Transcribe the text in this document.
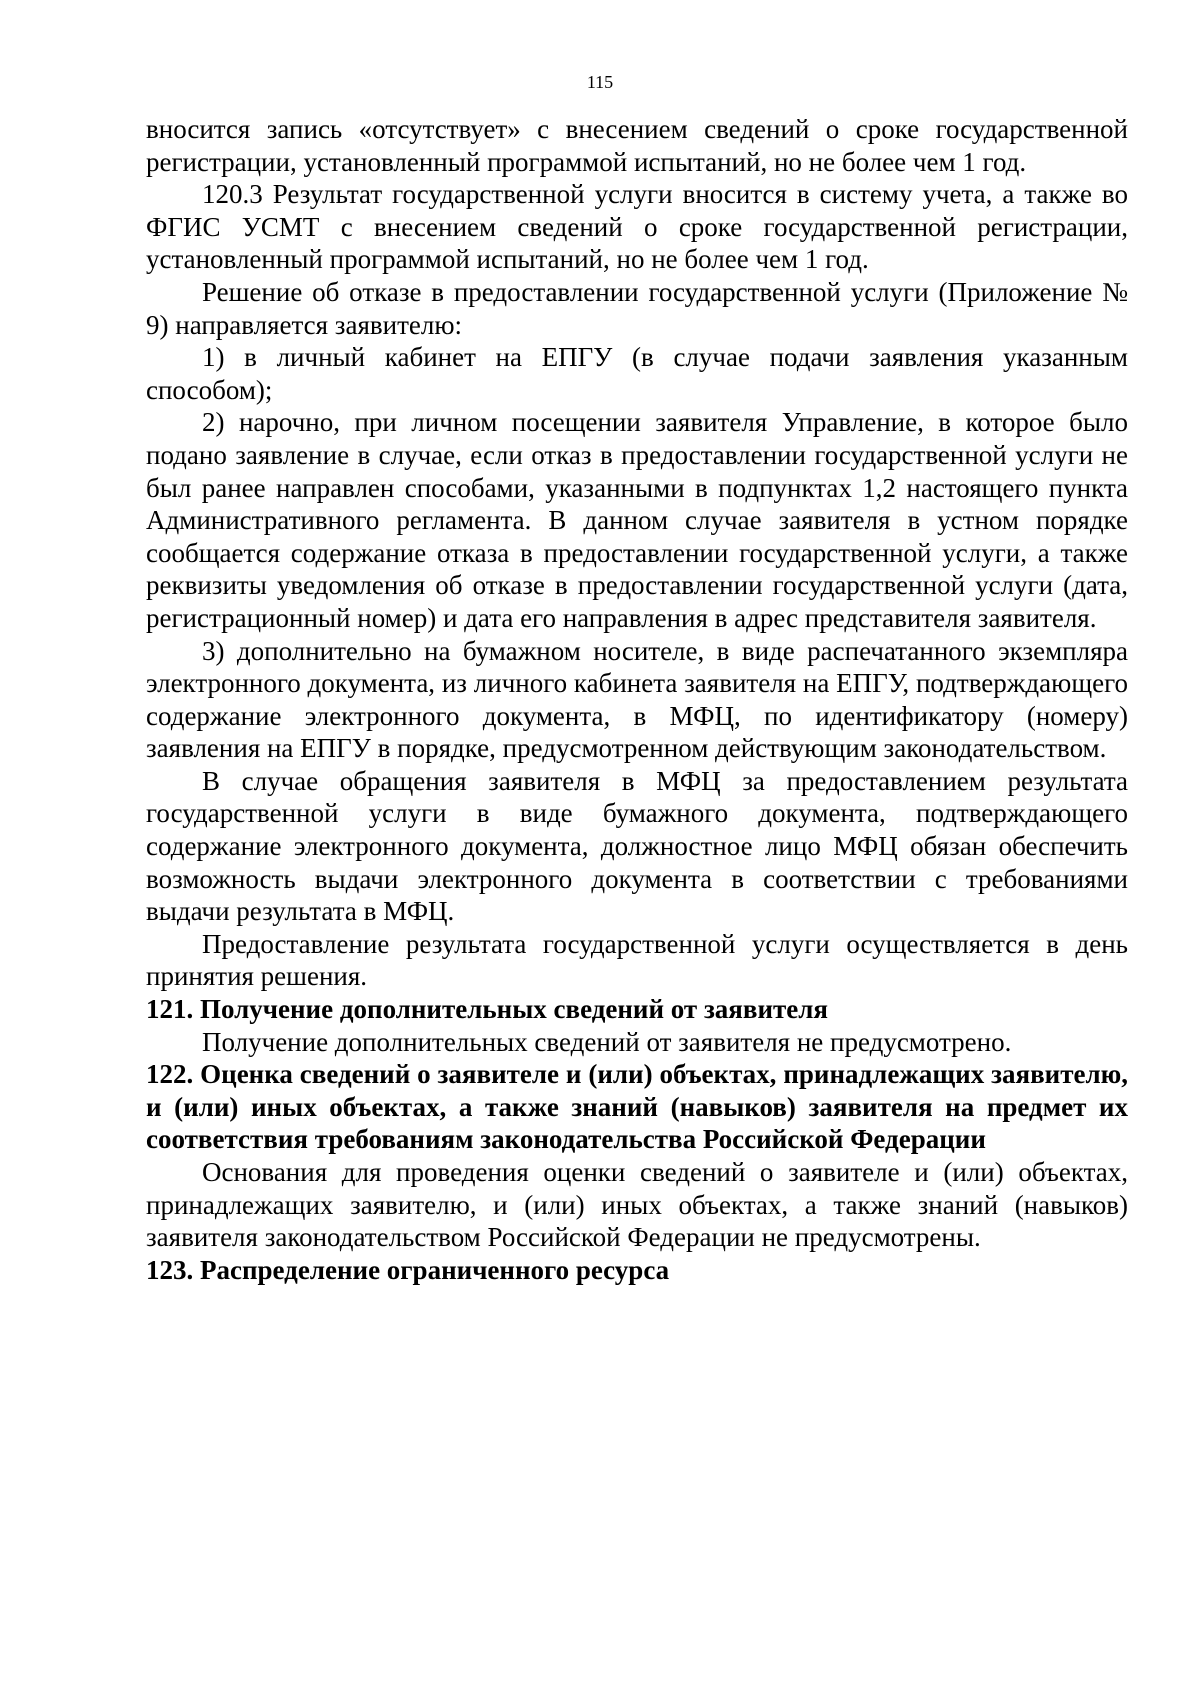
115

вносится запись «отсутствует» с внесением сведений о сроке государственной регистрации, установленный программой испытаний, но не более чем 1 год.

120.3 Результат государственной услуги вносится в систему учета, а также во ФГИС УСМТ с внесением сведений о сроке государственной регистрации, установленный программой испытаний, но не более чем 1 год.

Решение об отказе в предоставлении государственной услуги (Приложение № 9) направляется заявителю:

1) в личный кабинет на ЕПГУ (в случае подачи заявления указанным способом);

2) нарочно, при личном посещении заявителя Управление, в которое было подано заявление в случае, если отказ в предоставлении государственной услуги не был ранее направлен способами, указанными в подпунктах 1,2 настоящего пункта Административного регламента. В данном случае заявителя в устном порядке сообщается содержание отказа в предоставлении государственной услуги, а также реквизиты уведомления об отказе в предоставлении государственной услуги (дата, регистрационный номер) и дата его направления в адрес представителя заявителя.

3) дополнительно на бумажном носителе, в виде распечатанного экземпляра электронного документа, из личного кабинета заявителя на ЕПГУ, подтверждающего содержание электронного документа, в МФЦ, по идентификатору (номеру) заявления на ЕПГУ в порядке, предусмотренном действующим законодательством.

В случае обращения заявителя в МФЦ за предоставлением результата государственной услуги в виде бумажного документа, подтверждающего содержание электронного документа, должностное лицо МФЦ обязан обеспечить возможность выдачи электронного документа в соответствии с требованиями выдачи результата в МФЦ.

Предоставление результата государственной услуги осуществляется в день принятия решения.

121. Получение дополнительных сведений от заявителя

Получение дополнительных сведений от заявителя не предусмотрено.

122. Оценка сведений о заявителе и (или) объектах, принадлежащих заявителю, и (или) иных объектах, а также знаний (навыков) заявителя на предмет их соответствия требованиям законодательства Российской Федерации

Основания для проведения оценки сведений о заявителе и (или) объектах, принадлежащих заявителю, и (или) иных объектах, а также знаний (навыков) заявителя законодательством Российской Федерации не предусмотрены.

123. Распределение ограниченного ресурса
